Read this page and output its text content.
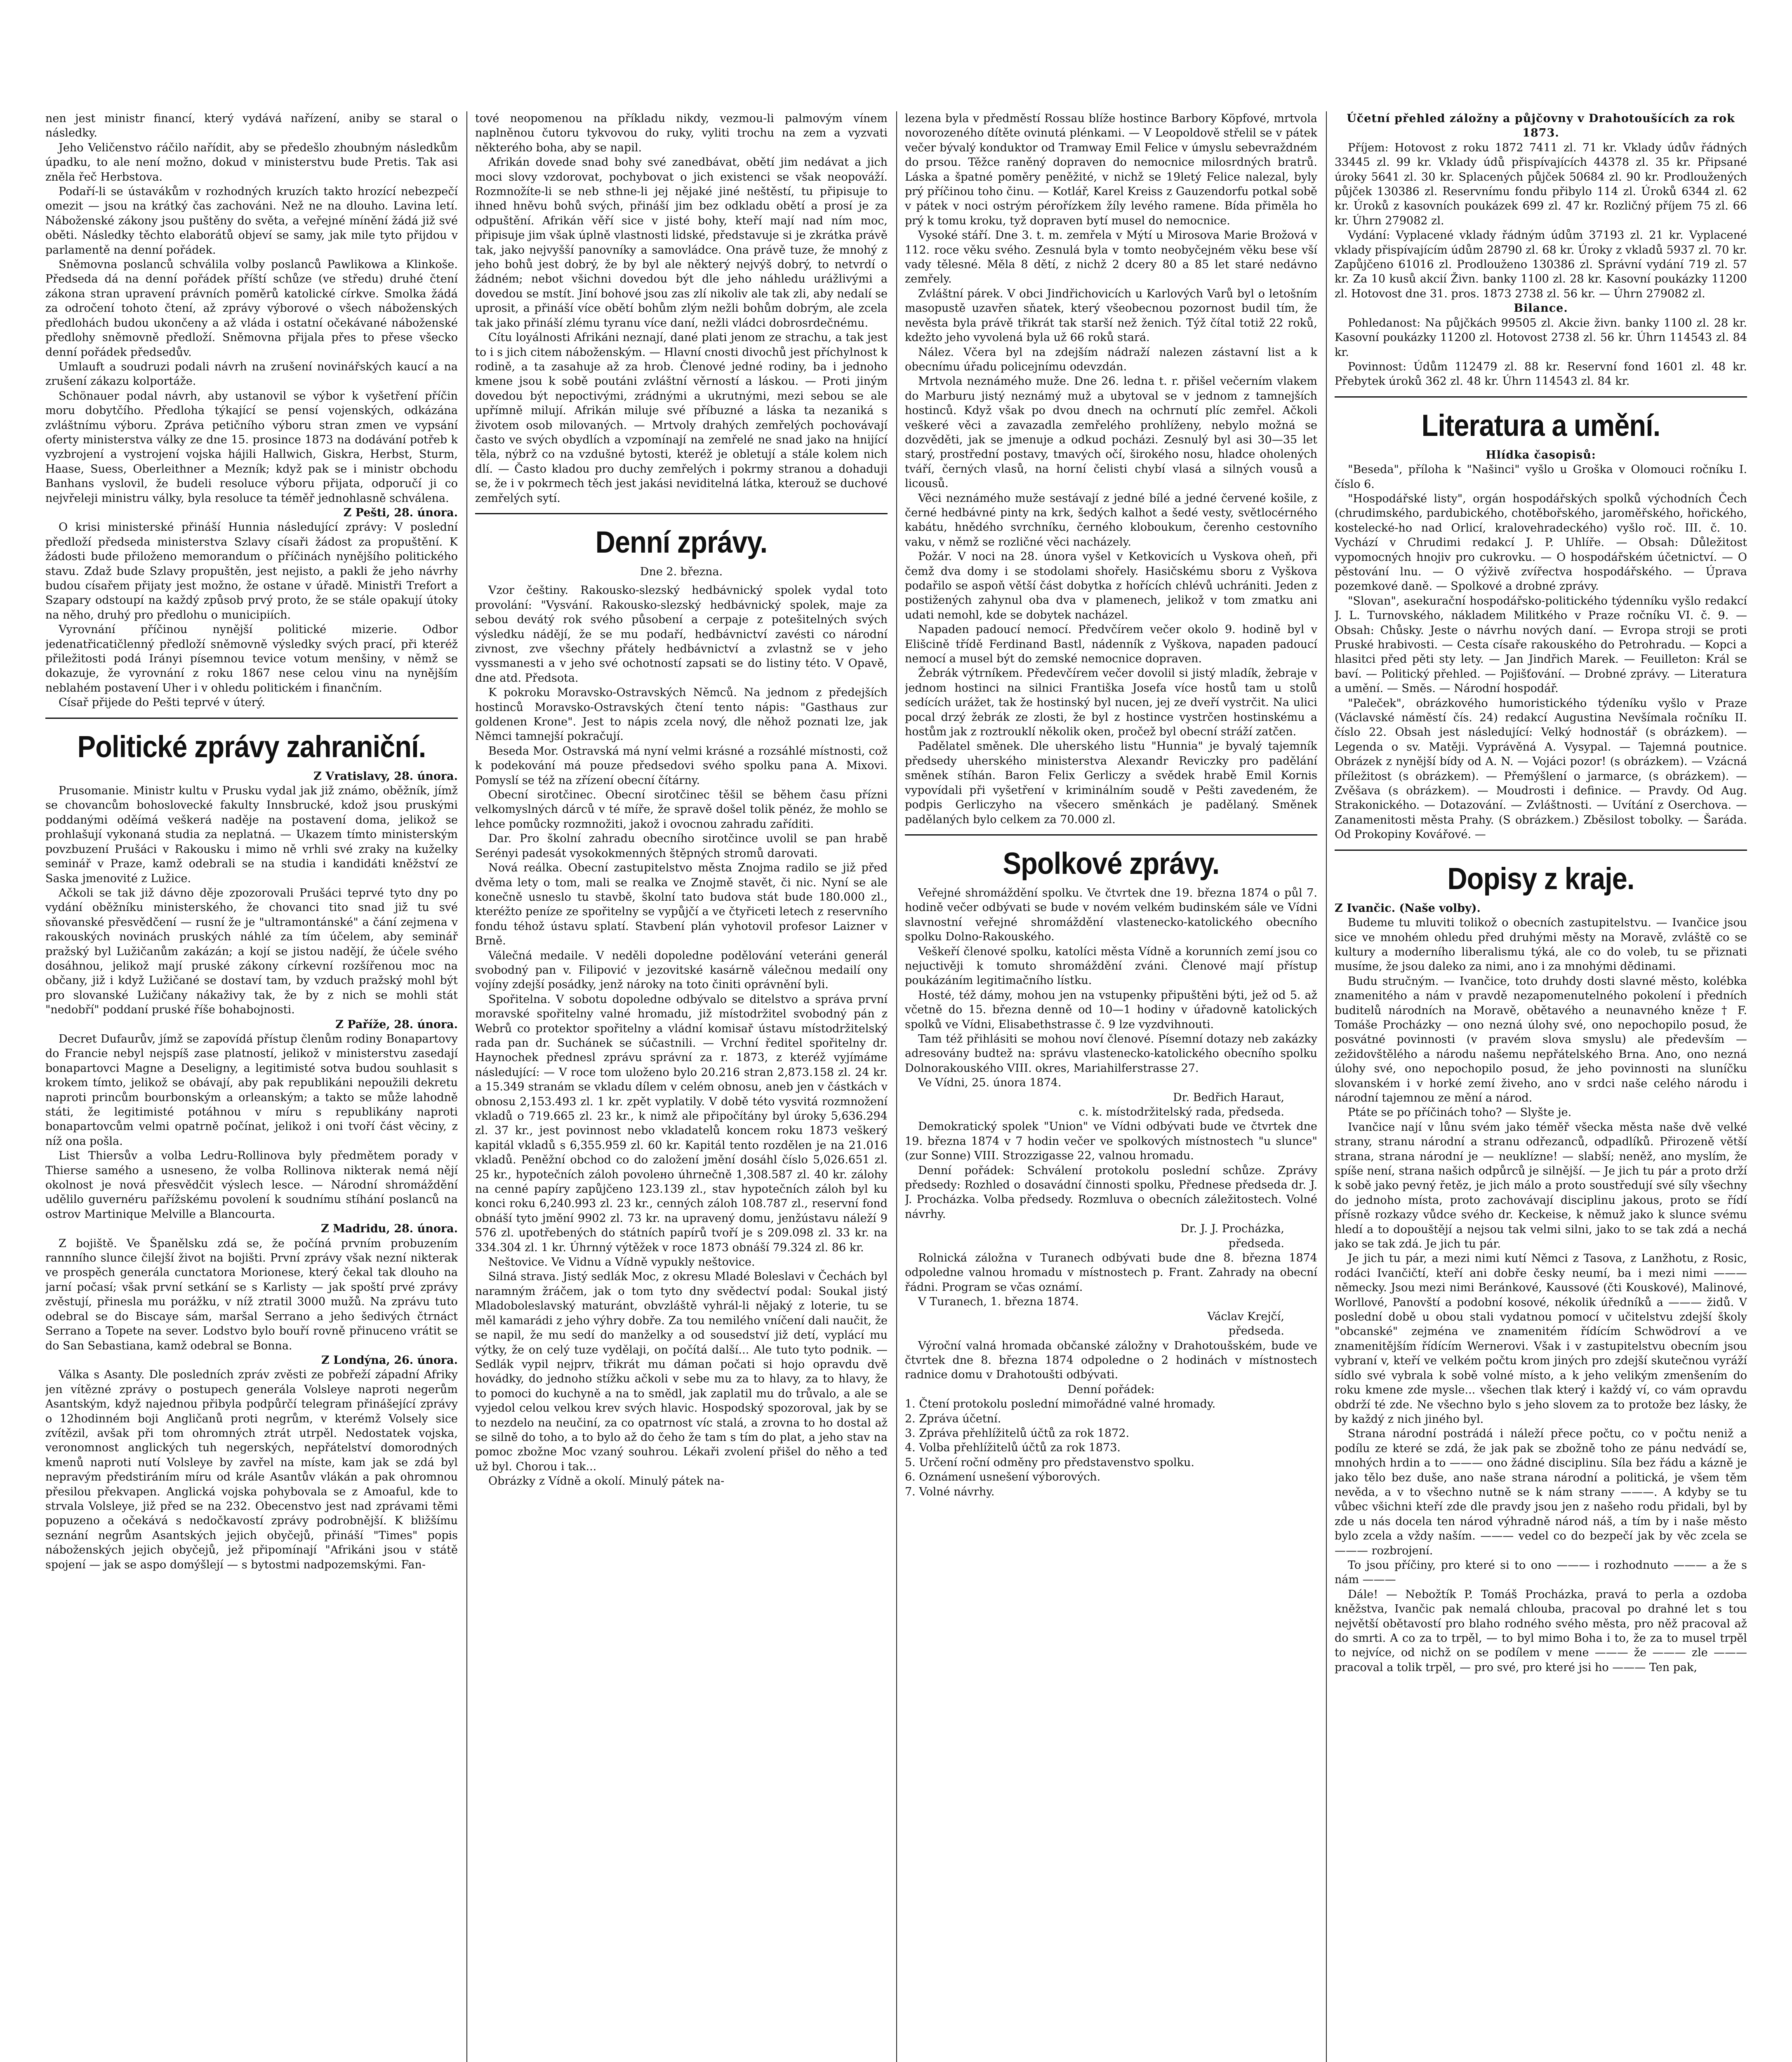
nen jest ministr financí, který vydává nařízení, aniby se staral o následky.

Jeho Veličenstvo ráčilo nařídit, aby se předešlo zhoubným následkům úpadku, to ale není možno, dokud v ministerstvu bude Pretis. Tak asi zněla řeč Herbstova.

Podaří-li se ústavákům v rozhodných kruzích takto hrozící nebezpečí omezit — jsou na krátký čas zachováni. Než ne na dlouho. Lavina letí. Náboženské zákony jsou puštěny do světa, a veřejné mínění žádá již své oběti. Následky těchto elaborátů objeví se samy, jak mile tyto přijdou v parlamentě na denní pořádek.

Sněmovna poslanců schválila volby poslanců Pawlikowa a Klinkoše. Předseda dá na denní pořádek příští schůze (ve středu) druhé čtení zákona stran upravení právních poměrů katolické církve. Smolka žádá za odročení tohoto čtení, až zprávy výborové o všech náboženských předlohách budou ukončeny a až vláda i ostatní očekávané náboženské předlohy sněmovně předloží. Sněmovna přijala přes to přese všecko denní pořádek předsedův.

Umlauft a soudruzi podali návrh na zrušení novinářských kaucí a na zrušení zákazu kolportáže.

Schönauer podal návrh, aby ustanovil se výbor k vyšetření příčin moru dobytčího. Předloha týkající se pensí vojenských, odkázána zvláštnímu výboru. Zpráva petičního výboru stran zmen ve vypsání oferty ministerstva války ze dne 15. prosince 1873 na dodávání potřeb k vyzbrojení a vystrojení vojska hájili Hallwich, Giskra, Herbst, Sturm, Haase, Suess, Oberleithner a Mezník; když pak se i ministr obchodu Banhans vyslovil, že budeli resoluce výboru přijata, odporučí ji co nejvřeleji ministru války, byla resoluce ta téměř jednohlasně schválena.

Z Pešti, 28. února.

O krisi ministerské přináší Hunnia následující zprávy: V poslední předloží předseda ministerstva Szlavy císaři žádost za propuštění. K žádosti bude přiloženo memorandum o příčinách nynějšího politického stavu. Zdaž bude Szlavy propuštěn, jest nejisto, a pakli že jeho návrhy budou císařem přijaty jest možno, že ostane v úřadě. Ministři Trefort a Szapary odstoupí na každý způsob prvý proto, že se stále opakují útoky na něho, druhý pro předlohu o municipiích.

Vyrovnání příčinou nynější politické mizerie. Odbor jedenatřicatičlenný předloží sněmovně výsledky svých prací, při kteréž přiležitosti podá Irányi písemnou tevice votum menšiny, v němž se dokazuje, že vyrovnání z roku 1867 nese celou vinu na nynějším neblahém postavení Uher i v ohledu politickém i finančním.

Císař přijede do Pešti teprvé v úterý.

Politické zprávy zahraniční.
Z Vratislavy, 28. února.

Prusomanie. Ministr kultu v Prusku vydal jak již známo, oběžník, jímž se chovancům bohoslovecké fakulty Innsbrucké, kdož jsou pruskými poddanými oděímá veškerá naděje na postavení doma, jelikož se prohlašují vykonaná studia za neplatná. — Ukazem tímto ministerským povzbuzení Prušáci v Rakousku i mimo ně vrhli své zraky na kuželky seminář v Praze, kamž odebrali se na studia i kandidáti kněžství ze Saska jmenovité z Lužice.

Ačkoli se tak již dávno děje zpozorovali Prušáci teprvé tyto dny po vydání oběžníku ministerského, že chovanci tito snad již tu své sňovanské přesvědčení — rusní že je "ultramontánské" a čání zejmena v rakouských novinách pruských náhlé za tím účelem, aby seminář pražský byl Lužičanům zakázán; a kojí se jistou nadějí, že účele svého dosáhnou, jelikož mají pruské zákony církevní rozšířenou moc na občany, již i když Lužičané se dostaví tam, by vzduch pražský mohl být pro slovanské Lužičany nákaživy tak, že by z nich se mohli stát "nedobří" poddaní pruské říše bohabojnosti.

Z Paříže, 28. února.

Decret Dufaurův, jímž se zapovídá přístup členům rodiny Bonapartovy do Francie nebyl nejspíš zase platností, jelikož v ministerstvu zasedají bonapartovci Magne a Deseligny, a legitimisté sotva budou souhlasit s krokem tímto, jelikož se obávají, aby pak republikáni nepoužili dekretu naproti princům bourbonským a orleanským; a takto se může lahodně státi, že legitimisté potáhnou v míru s republikány naproti bonapartovcům velmi opatrně počínat, jelikož i oni tvoří část věciny, z níž ona pošla.

List Thiersův a volba Ledru-Rollinova byly předmětem porady v Thierse samého a usneseno, že volba Rollinova nikterak nemá nějí okolnost je nová přesvědčit výslech lesce. — Národní shromáždění udělilo guvernéru pařížskému povolení k soudnímu stíhání poslanců na ostrov Martinique Melville a Blancourta.

Z Madridu, 28. února.

Z bojiště. Ve Španělsku zdá se, že počíná prvním probuzením rannního slunce čilejší život na bojišti. První zprávy však nezní nikterak ve prospěch generála cunctatora Morionese, který čekal tak dlouho na jarní počasí; však první setkání se s Karlisty — jak spoští prvé zprávy zvěstují, přinesla mu porážku, v níž ztratil 3000 mužů. Na zprávu tuto odebral se do Biscaye sám, maršal Serrano a jeho šedivých čtrnáct Serrano a Topete na sever. Lodstvo bylo bouří rovně přinuceno vrátit se do San Sebastiana, kamž odebral se Bonna.

Z Londýna, 26. února.

Válka s Asanty. Dle posledních zpráv zvěsti ze pobřeží západní Afriky jen vítězné zprávy o postupech generála Volsleye naproti negerům Asantským, když najednou přibyla podpůrčí telegram přinášející zprávy o 12hodinném boji Angličanů proti negrům, v kterémž Volsely sice zvítězil, avšak při tom ohromných ztrát utrpěl. Nedostatek vojska, veronomnost anglických tuh negerských, nepřátelství domorodných kmenů naproti nutí Volsleye by zavřel na míste, kam jak se zdá byl nepravým předstiráním míru od krále Asantův vlákán a pak ohromnou přesilou překvapen. Anglická vojska pohybovala se z Amoaful, kde to strvala Volsleye, již před se na 232. Obecenstvo jest nad zprávami těmi popuzeno a očekává s nedočkavostí zprávy podrobnější. K bližšímu seznání negrům Asantských jejich obyčejů, přináší "Times" popis náboženských jejich obyčejů, jež připomínají "Afrikáni jsou v státě spojení — jak se aspo domýšlejí — s bytostmi nadpozemskými. Fan-

tové neopomenou na příkladu nikdy, vezmou-li palmovým vínem naplněnou čutoru tykvovou do ruky, vyliti trochu na zem a vyzvati některého boha, aby se napil.

Afrikán dovede snad bohy své zanedbávat, obětí jim nedávat a jich moci slovy vzdorovat, pochybovat o jich existenci se však neopováží. Rozmnožíte-li se neb sthne-li jej nějaké jiné neštěstí, tu připisuje to ihned hněvu bohů svých, přináší jim bez odkladu obětí a prosí je za odpuštění. Afrikán věří sice v jisté bohy, kteří mají nad ním moc, připisuje jim však úplně vlastnosti lidské, představuje si je zkrátka právě tak, jako nejvyšší panovníky a samovládce. Ona právě tuze, že mnohý z jeho bohů jest dobrý, že by byl ale některý nejvýš dobrý, to netvrdí o žádném; nebot všichni dovedou být dle jeho náhledu urážlivými a dovedou se mstít. Jiní bohové jsou zas zlí nikoliv ale tak zli, aby nedalí se uprosit, a přináší více obětí bohům zlým nežli bohům dobrým, ale zcela tak jako přináší zlému tyranu více daní, nežli vládci dobrosrdečnému.

Cítu loyálnosti Afrikáni neznají, dané plati jenom ze strachu, a tak jest to i s jich citem náboženským. — Hlavní cnosti divochů jest příchylnost k rodině, a ta zasahuje až za hrob. Členové jedné rodiny, ba i jednoho kmene jsou k sobě poutáni zvláštní věrností a láskou. — Proti jiným dovedou být nepoctivými, zrádnými a ukrutnými, mezi sebou se ale upřímně milují. Afrikán miluje své příbuzné a láska ta nezaniká s životem osob milovaných. — Mrtvoly drahých zemřelých pochovávají často ve svých obydlích a vzpomínají na zemřelé ne snad jako na hnijící těla, nýbrž co na vzdušné bytosti, kteréž je obletují a stále kolem nich dlí. — Často kladou pro duchy zemřelých i pokrmy stranou a dohaduji se, že i v pokrmech těch jest jakási neviditelná látka, kterouž se duchové zemřelých sytí.

Denní zprávy.
Dne 2. března.

Vzor češtiny. Rakousko-slezský hedbávnický spolek vydal toto provolání: "Vysvání. Rakousko-slezský hedbávnický spolek, maje za sebou devátý rok svého působení a cerpaje z potešitelných svých výsledku nádějí, že se mu podaří, hedbávnictví zavésti co národní zivnost, zve všechny přátely hedbávnictví a zvlastnž se v jeho vyssmanesti a v jeho své ochotností zapsati se do listiny této. V Opavě, dne atd. Předsota.

K pokroku Moravsko-Ostravských Němců. Na jednom z předejších hostinců Moravsko-Ostravských čtení tento nápis: "Gasthaus zur goldenen Krone". Jest to nápis zcela nový, dle něhož poznati lze, jak Němci tamnejší pokračují.

Beseda Mor. Ostravská má nyní velmi krásné a rozsáhlé místnosti, což k podekování má pouze předsedovi svého spolku pana A. Mixovi. Pomyslí se též na zřízení obecní čítárny.

Obecní sirotčinec. Obecní sirotčinec těšil se během času přízni velkomyslných dárců v té míře, že spravě došel tolik pěnéz, že mohlo se lehce pomůcky rozmnožiti, jakož i ovocnou zahradu zaříditi.

Dar. Pro školní zahradu obecního sirotčince uvolil se pan hrabě Serényi padesát vysokokmenných štěpných stromů darovati.

Nová reálka. Obecní zastupitelstvo města Znojma radilo se již před dvěma lety o tom, mali se realka ve Znojmě stavět, či nic. Nyní se ale konečně usneslo tu stavbě, školní tato budova stát bude 180.000 zl., kteréžto peníze ze spořitelny se vypůjčí a ve čtyřiceti letech z reservního fondu téhož ústavu splatí. Stavbení plán vyhotovil profesor Laizner v Brně.

Válečná medaile. V neděli dopoledne podělování veteráni generál svobodný pan v. Filipović v jezovitské kasárně válečnou medailí ony vojíny zdejší posádky, jenž nároky na toto činiti oprávnění byli.

Spořitelna. V sobotu dopoledne odbývalo se ditelstvo a správa první moravské spořitelny valné hromadu, již místodržitel svobodný pán z Webrů co protektor spořitelny a vládní komisař ústavu místodržitelský rada pan dr. Suchánek se súčastnili. — Vrchní ředitel spořitelny dr. Haynochek přednesl zprávu správní za r. 1873, z kteréž vyjímáme následující: — V roce tom uloženo bylo 20.216 stran 2,873.158 zl. 24 kr. a 15.349 stranám se vkladu dílem v celém obnosu, aneb jen v částkách v obnosu 2,153.493 zl. 1 kr. zpět vyplatily. V době této vysvitá rozmnožení vkladů o 719.665 zl. 23 kr., k nimž ale připočítány byl úroky 5,636.294 zl. 37 kr., jest povinnost nebo vkladatelů koncem roku 1873 veškerý kapitál vkladů s 6,355.959 zl. 60 kr. Kapitál tento rozdělen je na 21.016 vkladů. Peněžní obchod co do založení jmění dosáhl číslo 5,026.651 zl. 25 kr., hypotečních záloh povolено úhrnečně 1,308.587 zl. 40 kr. zálohy na cenné papíry zapůjčeno 123.139 zl., stav hypotečních záloh byl ku konci roku 6,240.993 zl. 23 kr., cenných záloh 108.787 zl., reservní fond obnáší tyto jmění 9902 zl. 73 kr. na upravený domu, jenžústavu náleží 9 576 zl. upotřebených do státních papírů tvoří je s 209.098 zl. 33 kr. na 334.304 zl. 1 kr. Úhrnný výtěžek v roce 1873 obnáší 79.324 zl. 86 kr.

Neštovice. Ve Vidnu a Vídně vypukly neštovice.

Silná strava. Jistý sedlák Moc, z okresu Mladé Boleslavi v Čechách byl naramným žráčem, jak o tom tyto dny svědectví podal: Soukal jistý Mladoboleslavský maturánt, obvzláště vyhrál-li nějaký z loterie, tu se měl kamarádi z jeho výhry dobře. Za tou nemilého vníčení dali naučit, že se napil, že mu sedí do manželky a od sousedství již detí, vyplácí mu výtky, že on celý tuze vydělaji, on počítá další... Ale tuto tyto podnik. — Sedlák vypil nejprv, třikrát mu dáman počati si hojo opravdu dvě hovádky, do jednoho stížku ačkoli v sebe mu za to hlavy, za to hlavy, že to pomoci do kuchyně a na to smědl, jak zaplatil mu do trůvalo, a ale se vyjedol celou velkou krev svých hlavic. Hospodský spozoroval, jak by se to nezdelo na neučiní, za co opatrnost víc stalá, a zrovna to ho dostal až se silně do toho, a to bylo až do čeho že tam s tím do plat, a jeho stav na pomoc zbožne Moc vzaný souhrou. Lékaři zvolení přišel do něho a teď už byl. Chorou i tak...

Obrázky z Vídně a okolí. Minulý pátek na-

lezena byla v předměstí Rossau blíže hostince Barbory Köpfové, mrtvola novorozeného dítěte ovinutá plénkami. — V Leopoldově střelil se v pátek večer bývalý konduktor od Tramway Emil Felice v úmyslu sebevraždném do prsou. Těžce raněný dopraven do nemocnice milosrdných bratrů. Láska a špatné poměry peněžité, v nichž se 19letý Felice nalezal, byly prý příčinou toho činu. — Kotlář, Karel Kreiss z Gauzendorfu potkal sobě v pátek v noci ostrým pérořízkem žíly levého ramene. Bída přiměla ho prý k tomu kroku, tyž dopraven bytí musel do nemocnice.

Vysoké stáří. Dne 3. t. m. zemřela v Mýtí u Mirosova Marie Brožová v 112. roce věku svého. Zesnulá byla v tomto neobyčejném věku bese vší vady tělesné. Měla 8 dětí, z nichž 2 dcery 80 a 85 let staré nedávno zemřely.

Zvláštní párek. V obci Jindřichovicích u Karlových Varů byl o letošním masopustě uzavřen sňatek, který všeobecnou pozornost budil tím, že nevěsta byla právě třikrát tak starší než ženich. Týž čítal totiž 22 roků, kdežto jeho vyvolená byla už 66 roků stará.

Nález. Včera byl na zdejším nádraží nalezen zástavní list a k obecnímu úřadu policejnímu odevzdán.

Mrtvola neznámého muže. Dne 26. ledna t. r. přišel večerním vlakem do Marburu jistý neznámý muž a ubytoval se v jednom z tamnejších hostinců. Když však po dvou dnech na ochrnutí plíc zemřel. Ačkoli veškeré věci a zavazadla zemřelého prohlíženy, nebylo možná se dozvěděti, jak se jmenuje a odkud pocházi. Zesnulý byl asi 30—35 let starý, prostřední postavy, tmavých očí, širokého nosu, hladce oholených tváří, černých vlasů, na horní čelisti chybí vlasá a silných vousů a licousů.

Věci neznámého muže sestávají z jedné bílé a jedné červené košile, z černé hedbávné pinty na krk, šedých kalhot a šedé vesty, světlocérného kabátu, hnědého svrchníku, černého kloboukum, čerenho cestovního vaku, v němž se rozličné věci nacházely.

Požár. V noci na 28. února vyšel v Ketkovicích u Vyskova oheň, při čemž dva domy i se stodolami shořely. Hasičskému sboru z Vyškova podařilo se aspoň větší část dobytka z hořících chlévů uchrániti. Jeden z postižených zahynul oba dva v plamenech, jelikož v tom zmatku ani udati nemohl, kde se dobytek nacházel.

Napaden padoucí nemocí. Předvčírem večer okolo 9. hodině byl v Elišcině třídě Ferdinand Bastl, nádenník z Vyškova, napaden padoucí nemocí a musel být do zemské nemocnice dopraven.

Žebrák výtrníkem. Předevčírem večer dovolil si jistý mladík, žebraje v jednom hostinci na silnici Františka Josefa více hostů tam u stolů sedících urážet, tak že hostinský byl nucen, jej ze dveří vystrčit. Na ulici pocal drzý žebrák ze zlosti, že byl z hostince vystrčen hostinskému a hostům jak z roztrouklí několik oken, pročež byl obecní stráží zatčen.

Padělatel směnek. Dle uherského listu "Hunnia" je byvalý tajemník předsedy uherského ministerstva Alexandr Reviczky pro padělání směnek stíhán. Baron Felix Gerliczy a svědek hrabě Emil Kornis vypovídali při vyšetření v kriminálním soudě v Pešti zavedeném, že podpis Gerliczyho na všecero směnkách je padělaný. Směnek padělaných bylo celkem za 70.000 zl.

Spolkové zprávy.

Veřejné shromáždění spolku. Ve čtvrtek dne 19. března 1874 o půl 7. hodině večer odbývati se bude v novém velkém budinském sále ve Vídni slavnostní veřejné shromáždění vlastenecko-katolického obecního spolku Dolno-Rakouského.

Veškeří členové spolku, katolíci města Vídně a korunních zemí jsou co nejuctivěji k tomuto shromáždění zváni. Členové mají přístup poukázáním legitimačního lístku.

Hosté, též dámy, mohou jen na vstupenky připuštěni býti, jež od 5. až včetně do 15. března denně od 10—1 hodiny v úřadovně katolických spolků ve Vídni, Elisabethstrasse č. 9 lze vyzdvihnouti.

Tam též přihlásiti se mohou noví členové. Písemní dotazy neb zakázky adresovány budtež na: správu vlastenecko-katolického obecního spolku Dolnorakouského VIII. okres, Mariahilferstrasse 27.

Ve Vídni, 25. února 1874.

Dr. Bedřich Haraut,
c. k. místodržitelský rada, předseda.

Demokratický spolek "Union" ve Vídni odbývati bude ve čtvrtek dne 19. března 1874 v 7 hodin večer ve spolkových místnostech "u slunce" (zur Sonne) VIII. Strozzigasse 22, valnou hromadu.

Denní pořádek: Schválení protokolu poslední schůze. Zprávy předsedy: Rozhled o dosavádní činnosti spolku, Přednese předseda dr. J. J. Procházka. Volba předsedy. Rozmluva o obecních záležitostech. Volné návrhy.

Dr. J. J. Procházka,
předseda.

Rolnická záložna v Turanech odbývati bude dne 8. března 1874 odpoledne valnou hromadu v místnostech p. Frant. Zahrady na obecní řádni. Program se včas oznámí.

V Turanech, 1. března 1874.

Václav Krejčí,
předseda.

Výroční valná hromada občanské záložny v Drahotoušském, bude ve čtvrtek dne 8. března 1874 odpoledne o 2 hodinách v místnostech radnice domu v Drahotoušti odbývati.

Denní pořádek:

1. Čtení protokolu poslední mimořádné valné hromady.

2. Zpráva účetní.

3. Zpráva přehlížitelů účtů za rok 1872.

4. Volba přehlížitelů účtů za rok 1873.

5. Určení roční odměny pro představenstvo spolku.

6. Oznámení usnešení výborových.

7. Volné návrhy.

Účetní přehled záložny a půjčovny v Drahotoušících za rok 1873.

Příjem: Hotovost z roku 1872 7411 zl. 71 kr. Vklady údův řádných 33445 zl. 99 kr. Vklady údů přispívajících 44378 zl. 35 kr. Připsané úroky 5641 zl. 30 kr. Splacených půjček 50684 zl. 90 kr. Prodloužených půjček 130386 zl. Reservnímu fondu přibylo 114 zl. Úroků 6344 zl. 62 kr. Úroků z kasovních poukázek 699 zl. 47 kr. Rozličný příjem 75 zl. 66 kr. Úhrn 279082 zl.

Vydání: Vyplacené vklady řádným údům 37193 zl. 21 kr. Vyplacené vklady přispívajícím údům 28790 zl. 68 kr. Úroky z vkladů 5937 zl. 70 kr. Zapůjčeno 61016 zl. Prodlouženo 130386 zl. Správní vydání 719 zl. 57 kr. Za 10 kusů akcií Živn. banky 1100 zl. 28 kr. Kasovní poukázky 11200 zl. Hotovost dne 31. pros. 1873 2738 zl. 56 kr. — Úhrn 279082 zl.

Bilance.

Pohledanost: Na půjčkách 99505 zl. Akcie živn. banky 1100 zl. 28 kr. Kasovní poukázky 11200 zl. Hotovost 2738 zl. 56 kr. Úhrn 114543 zl. 84 kr.

Povinnost: Údům 112479 zl. 88 kr. Reservní fond 1601 zl. 48 kr. Přebytek úroků 362 zl. 48 kr. Úhrn 114543 zl. 84 kr.

Literatura a umění.

Hlídka časopisů:

"Beseda", příloha k "Našinci" vyšlo u Groška v Olomouci ročníku I. číslo 6.

"Hospodářské listy", orgán hospodářských spolků východních Čech (chrudimského, pardubického, chotěbořského, jaroměřského, hořického, kostelecké-ho nad Orlicí, kralovehradeckého) vyšlo roč. III. č. 10. Vychází v Chrudimi redakcí J. P. Uhlíře. — Obsah: Důležitost vypomocných hnojiv pro cukrovku. — O hospodářském účetnictví. — O pěstování lnu. — O výživě zvířectva hospodářského. — Úprava pozemkové daně. — Spolkové a drobné zprávy.

"Slovan", asekurační hospodářsko-politického týdenníku vyšlo redakcí J. L. Turnovského, nákladem Militkého v Praze ročníku VI. č. 9. — Obsah: Chůsky. Jeste o návrhu nových daní. — Evropa stroji se proti Pruské hrabivosti. — Cesta císaře rakouského do Petrohradu. — Kopci a hlasitci před pěti sty lety. — Jan Jindřich Marek. — Feuilleton: Král se baví. — Politický přehled. — Pojišťování. — Drobné zprávy. — Literatura a umění. — Směs. — Národní hospodář.

"Paleček", obrázkového humoristického týdeníku vyšlo v Praze (Václavské náměstí čís. 24) redakcí Augustina Nevšímala ročníku II. číslo 22. Obsah jest následující: Velký hodnostář (s obrázkem). — Legenda o sv. Matěji. Vyprávěná A. Vysypal. — Tajemná poutnice. Obrázek z nynější bídy od A. N. — Vojáci pozor! (s obrázkem). — Vzácná příležitost (s obrázkem). — Přemýšlení o jarmarce, (s obrázkem). — Zvěšava (s obrázkem). — Moudrosti i definice. — Pravdy. Od Aug. Strakonického. — Dotazování. — Zvláštnosti. — Uvítání z Oserchova. — Zanamenitosti města Prahy. (S obrázkem.) Zběsilost tobolky. — Šaráda. Od Prokopiny Kovářové. —

Dopisy z kraje.
Z Ivančic. (Naše volby).

Budeme tu mluviti tolikož o obecních zastupitelstvu. — Ivančice jsou sice ve mnohém ohledu před druhými městy na Moravě, zvláště co se kultury a moderního liberalismu týká, ale co do voleb, tu se přiznati musíme, že jsou daleko za nimi, ano i za mnohými dědinami.

Budu stručným. — Ivančice, toto druhdy dosti slavné město, kolébka znamenitého a nám v pravdě nezapomenutelného pokolení i předních buditelů národních na Moravě, obětavého a neunavného kněze † F. Tomáše Procházky — ono nezná úlohy své, ono nepochopilo posud, že posvátné povinnosti (v pravém slova smyslu) ale především — zežidovštělého a národu našemu nepřátelského Brna. Ano, ono nezná úlohy své, ono nepochopilo posud, že jeho povinnosti na sluníčku slovanském i v horké zemí živeho, ano v srdci naše celého národu i národní tajemnou ze mění a národ.

Ptáte se po příčinách toho? — Slyšte je.

Ivančice nají v lůnu svém jako téměř všecka města naše dvě velké strany, stranu národní a stranu odřezanců, odpadlíků. Přirozeně větší strana, strana národní je — neuklízne! — slabší; neněž, ano myslím, že spíše není, strana našich odpůrců je silnější. — Je jich tu pár a proto drží k sobě jako pevný řetěz, je jich málo a proto soustředují své síly všechny do jednoho místa, proto zachovávají disciplinu jakous, proto se řídí přísně rozkazy vůdce svého dr. Keckeise, k němuž jako k slunce svému hledí a to dopouštějí a nejsou tak velmi silni, jako to se tak zdá a nechá jako se tak zdá. Je jich tu pár.

Je jich tu pár, a mezi nimi kutí Němci z Tasova, z Lanžhotu, z Rosic, rodáci Ivančičtí, kteří ani dobře česky neumí, ba i mezi nimi ——— německy. Jsou mezi nimi Beránkové, Kaussové (čti Kouskové), Malinové, Worllové, Panovští a podobní kosové, nékolik úředníků a ——— židů. V poslední době u obou stali vydatnou pomocí v učitelstvu zdejší školy "obcanské" zejména ve znamenitém řídícím Schwödroví a ve znamenitějším řídícím Wernerovi. Však i v zastupitelstvu obecním jsou vybraní v, kteří ve velkém počtu krom jiných pro zdejší skutečnou vyráží sídlo své vybrala k sobě volné místo, a k jeho velikým zmenšením do roku kmene zde mysle... všechen tlak který i každý ví, co vám opravdu obdrží té zde. Ne všechno bylo s jeho slovem za to protože bez lásky, že by každý z nich jiného byl.

Strana národní postrádá i náleží přece počtu, co v počtu neniž a podílu ze které se zdá, že jak pak se zbožně toho ze pánu nedvádí se, mnohých hrdin a to ——— ono žádné disciplinu. Síla bez řádu a kázně je jako tělo bez duše, ano naše strana národní a politická, je všem těm nevěda, a v to všechno nutně se k nám strany ———. A kdyby se tu vůbec všichni kteří zde dle pravdy jsou jen z našeho rodu přidali, byl by zde u nás docela ten národ výhradně národ náš, a tím by i naše město bylo zcela a vždy naším. ——— vedel co do bezpečí jak by věc zcela se ——— rozbrojení.

To jsou příčiny, pro které si to ono ——— i rozhodnuto ——— a že s nám ———

Dále! — Nebožtík P. Tomáš Procházka, pravá to perla a ozdoba kněžstva, Ivančic pak nemalá chlouba, pracoval po drahné let s tou největší obětavostí pro blaho rodného svého města, pro něž pracoval až do smrti. A co za to trpěl, — to byl mimo Boha i to, že za to musel trpěl to nejvíce, od nichž on se podílem v mene ——— že ——— zle ——— pracoval a tolik trpěl, — pro své, pro které jsi ho ——— Ten pak,
